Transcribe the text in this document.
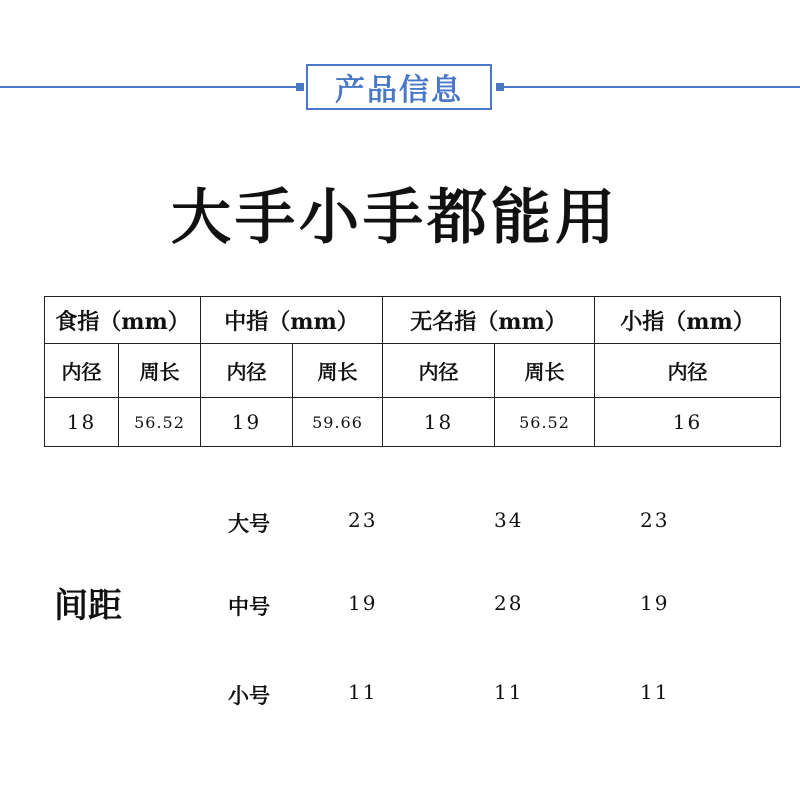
产品信息
大手小手都能用
食指（mm）		中指（mm）		无名指（mm）		小指（mm）
内径	周长	内径	周长	内径	周长	内径
18	56.52	19	59.66	18	56.52	16
间距
大号	23	34	23
中号	19	28	19
小号	11	11	11
